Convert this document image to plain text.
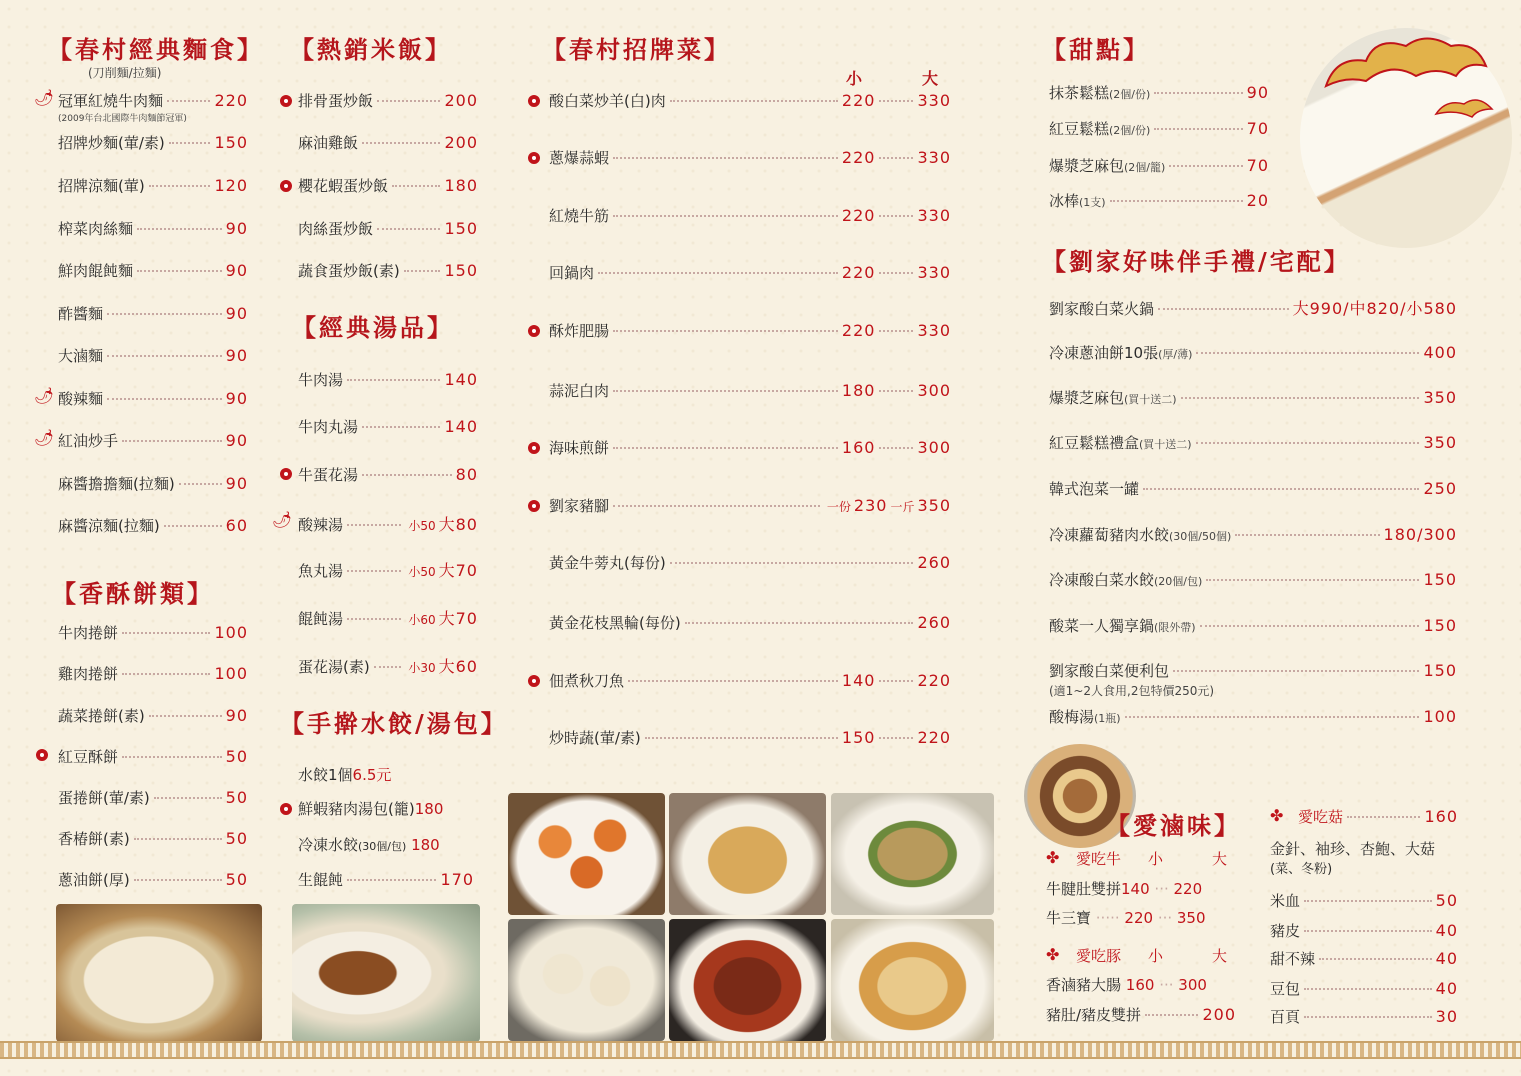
【春村經典麵食】
(刀削麵/拉麵)
🌶 冠軍紅燒牛肉麵	220
(2009年台北國際牛肉麵節冠軍)
招牌炒麵(葷/素)	150
招牌涼麵(葷)	120
榨菜肉絲麵	90
鮮肉餛飩麵	90
酢醬麵	90
大滷麵	90
🌶 酸辣麵	90
🌶 紅油炒手	90
麻醬擔擔麵(拉麵)	90
麻醬涼麵(拉麵)	60
【香酥餅類】
牛肉捲餅	100
雞肉捲餅	100
蔬菜捲餅(素)	90
紅豆酥餅	50
蛋捲餅(葷/素)	50
香椿餅(素)	50
蔥油餅(厚)	50
【熱銷米飯】
排骨蛋炒飯	200
麻油雞飯	200
櫻花蝦蛋炒飯	180
肉絲蛋炒飯	150
蔬食蛋炒飯(素)	150
【經典湯品】
牛肉湯	140
牛肉丸湯	140
牛蛋花湯	80
🌶 酸辣湯	小50 大80
魚丸湯	小50 大70
餛飩湯	小60 大70
蛋花湯(素)	小30 大60
【手擀水餃/湯包】
水餃1個6.5元
鮮蝦豬肉湯包(籠)180
冷凍水餃(30個/包) 180
生餛飩	170
【春村招牌菜】
小	大
酸白菜炒羊(白)肉	220	330
蔥爆蒜蝦	220	330
紅燒牛筋	220	330
回鍋肉	220	330
酥炸肥腸	220	330
蒜泥白肉	180	300
海味煎餅	160	300
劉家豬腳	一份 230 一斤 350
黃金牛蒡丸(每份)	260
黃金花枝黑輪(每份)	260
佃煮秋刀魚	140	220
炒時蔬(葷/素)	150	220
【甜點】
抹茶鬆糕(2個/份)	90
紅豆鬆糕(2個/份)	70
爆漿芝麻包(2個/籠)	70
冰棒(1支)	20
【劉家好味伴手禮/宅配】
劉家酸白菜火鍋	大990/中820/小580
冷凍蔥油餅10張(厚/薄)	400
爆漿芝麻包(買十送二)	350
紅豆鬆糕禮盒(買十送二)	350
韓式泡菜一罐	250
冷凍蘿蔔豬肉水餃(30個/50個)	180/300
冷凍酸白菜水餃(20個/包)	150
酸菜一人獨享鍋(限外帶)	150
劉家酸白菜便利包	150
(適1~2人食用,2包特價250元)
酸梅湯(1瓶)	100
【愛滷味】
✤ 愛吃牛 小	大
牛腱肚雙拼140 ··· 220
牛三寶 ····· 220 ··· 350
✤ 愛吃豚 小	大
香滷豬大腸 160 ··· 300
豬肚/豬皮雙拼	200
✤ 愛吃菇	160
金針、袖珍、杏鮑、大菇
(菜、冬粉)
米血	50
豬皮	40
甜不辣	40
豆包	40
百頁	30
